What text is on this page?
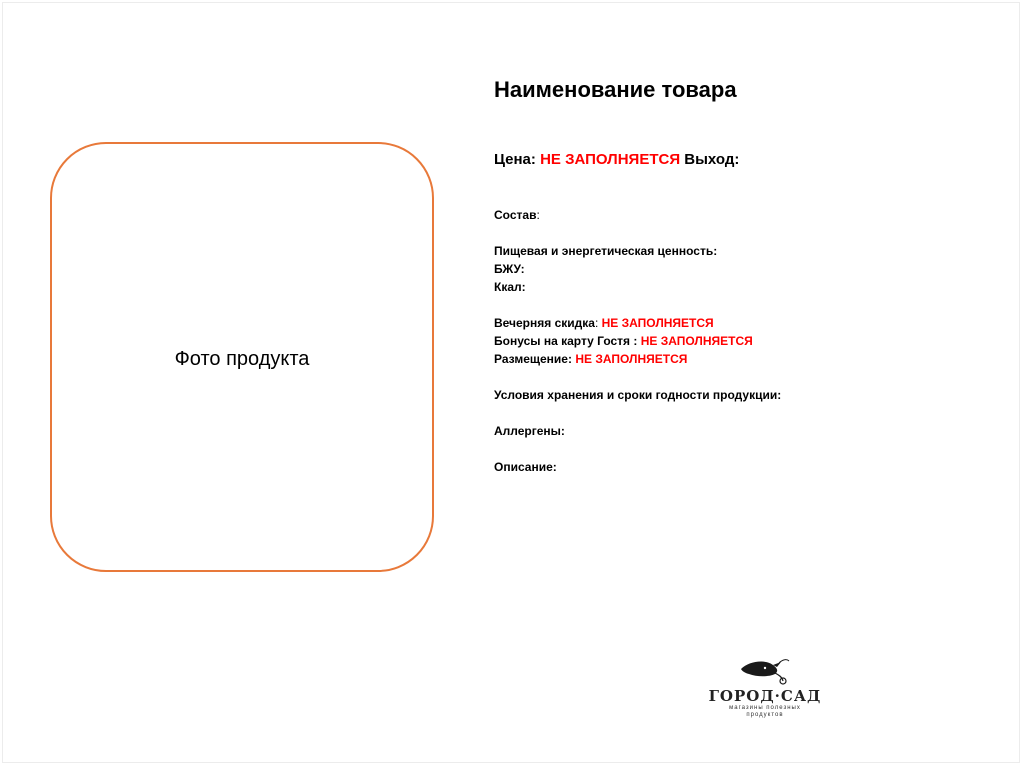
Фото продукта
Наименование товара
Цена: НЕ ЗАПОЛНЯЕТСЯ Выход:
Состав:
Пищевая и энергетическая ценность:
БЖУ:
Ккал:
Вечерняя скидка: НЕ ЗАПОЛНЯЕТСЯ
Бонусы на карту Гостя : НЕ ЗАПОЛНЯЕТСЯ
Размещение: НЕ ЗАПОЛНЯЕТСЯ
Условия хранения и сроки годности продукции:
Аллергены:
Описание:
ГОРОД·САД
магазины полезных
продуктов
